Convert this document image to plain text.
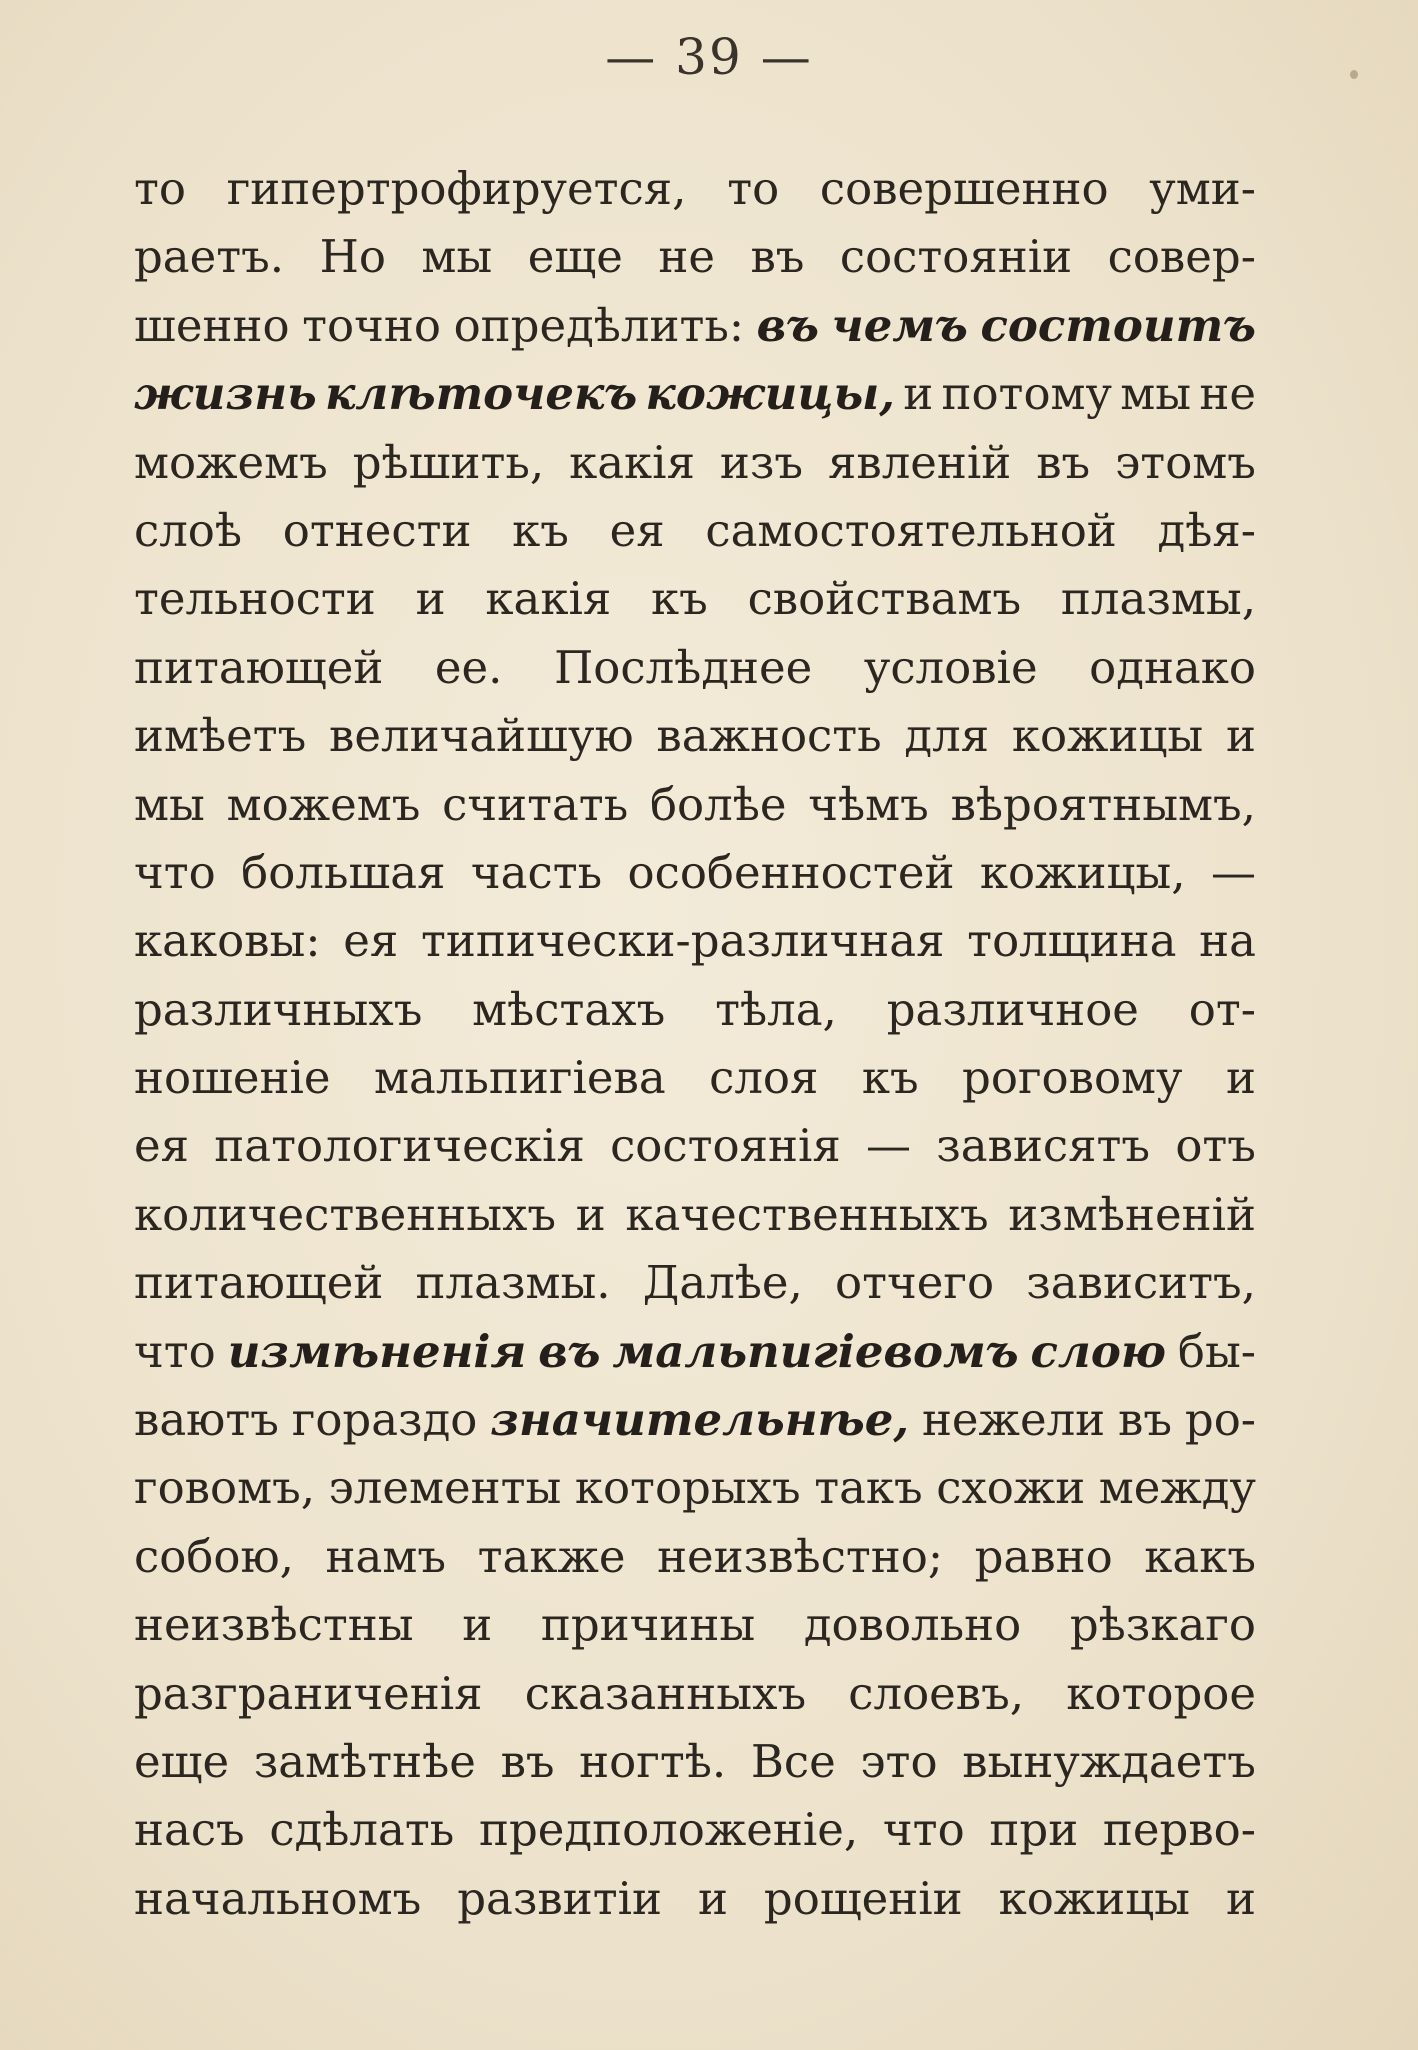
— 39 —
то гипертрофируется, то совершенно уми-
раетъ. Но мы еще не въ состоянiи совер-
шенно точно опредѣлить: въ чемъ состоитъ
жизнь клѣточекъ кожицы, и потому мы не
можемъ рѣшить, какiя изъ явленiй въ этомъ
слоѣ отнести къ ея самостоятельной дѣя-
тельности и какiя къ свойствамъ плазмы,
питающей ее. Послѣднее условiе однако
имѣетъ величайшую важность для кожицы и
мы можемъ считать болѣе чѣмъ вѣроятнымъ,
что большая часть особенностей кожицы, —
каковы: ея типически-различная толщина на
различныхъ мѣстахъ тѣла, различное от-
ношенiе мальпигiева слоя къ роговому и
ея патологическiя состоянiя — зависятъ отъ
количественныхъ и качественныхъ измѣненiй
питающей плазмы. Далѣе, отчего зависитъ,
что измѣненiя въ мальпигiевомъ слою бы-
ваютъ гораздо значительнѣе, нежели въ ро-
говомъ, элементы которыхъ такъ схожи между
собою, намъ также неизвѣстно; равно какъ
неизвѣстны и причины довольно рѣзкаго
разграниченiя сказанныхъ слоевъ, которое
еще замѣтнѣе въ ногтѣ. Все это вынуждаетъ
насъ сдѣлать предположенiе, что при перво-
начальномъ развитiи и рощенiи кожицы и
